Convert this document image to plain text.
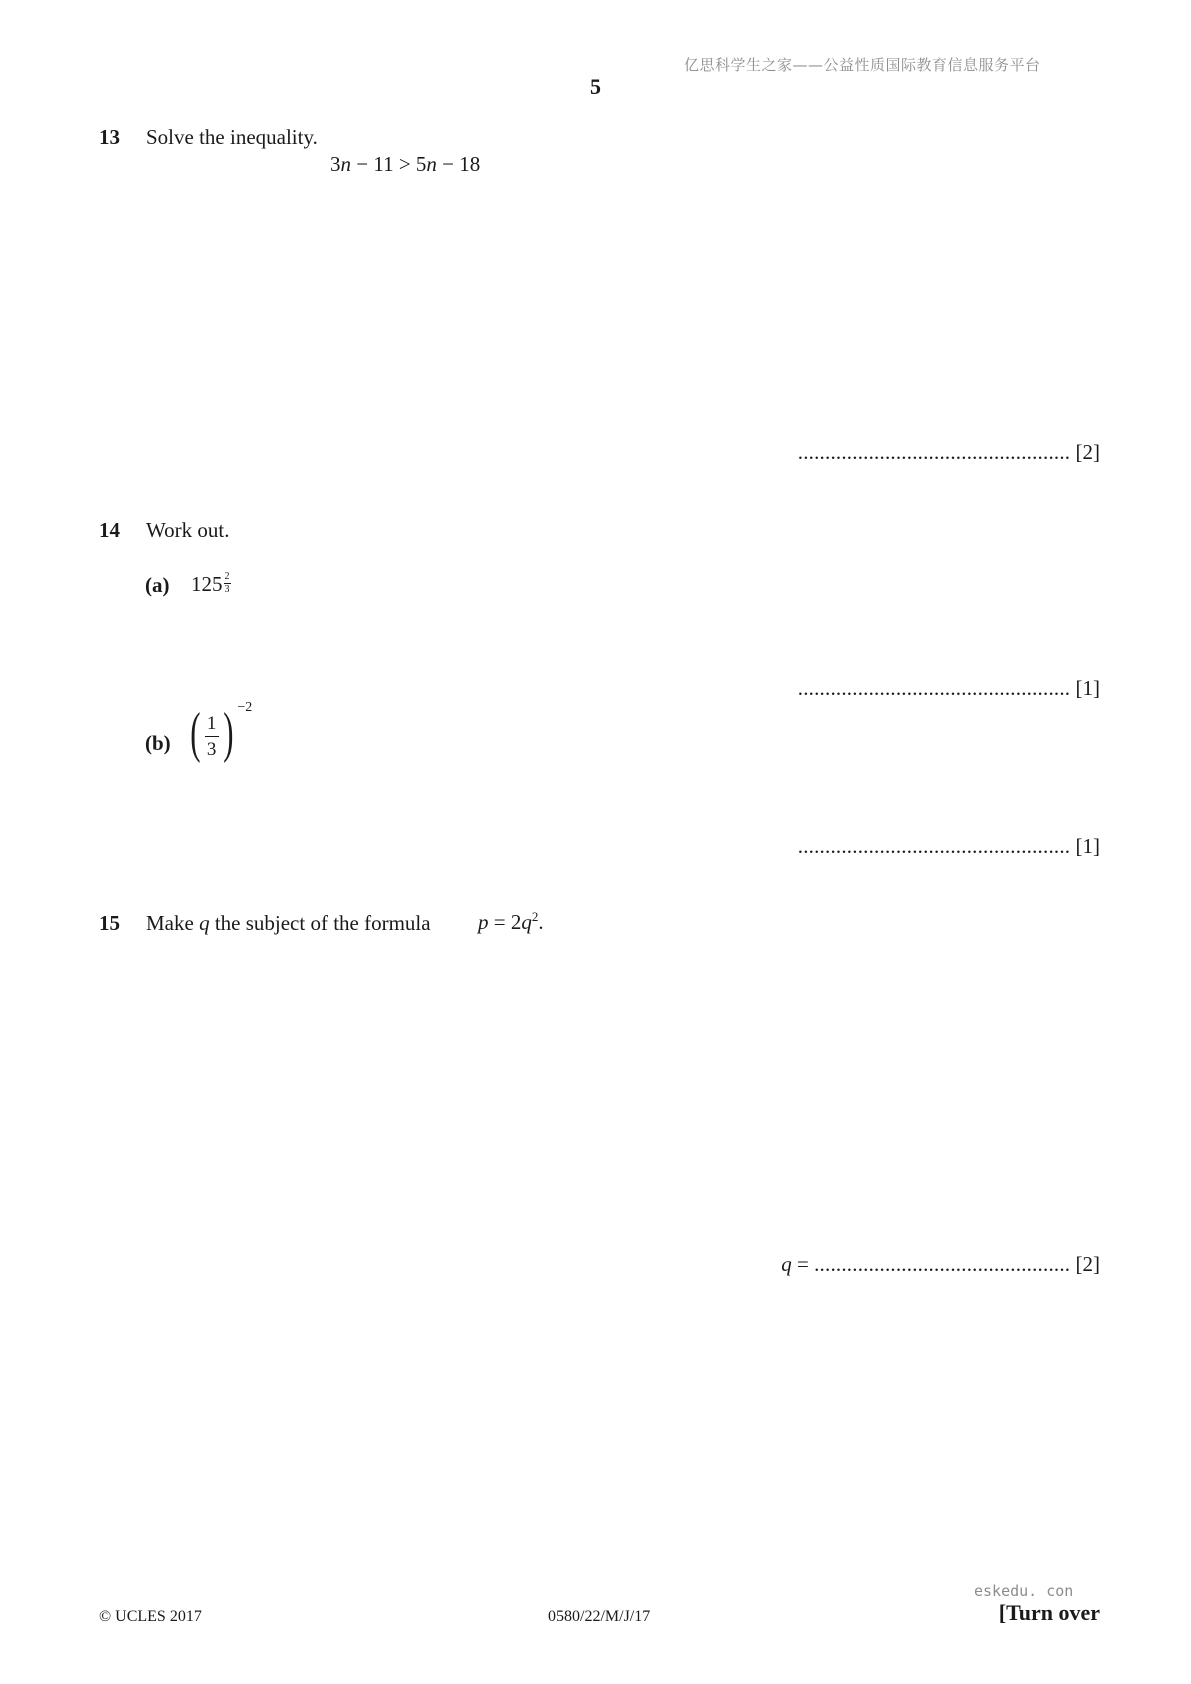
亿思科学生之家——公益性质国际教育信息服务平台
5
13 Solve the inequality.
3n − 11 > 5n − 18
.................................................. [2]
14 Work out.
(a) $125 \frac{2}{3}$
.................................................. [1]
(b) ( $\frac{1}{3}$ ) $^{-2}$
.................................................. [1]
15 Make q the subject of the formula $p = 2q^2$.
q = ............................................... [2]
© UCLES 2017	0580/22/M/J/17
eskedu. con
[Turn over
